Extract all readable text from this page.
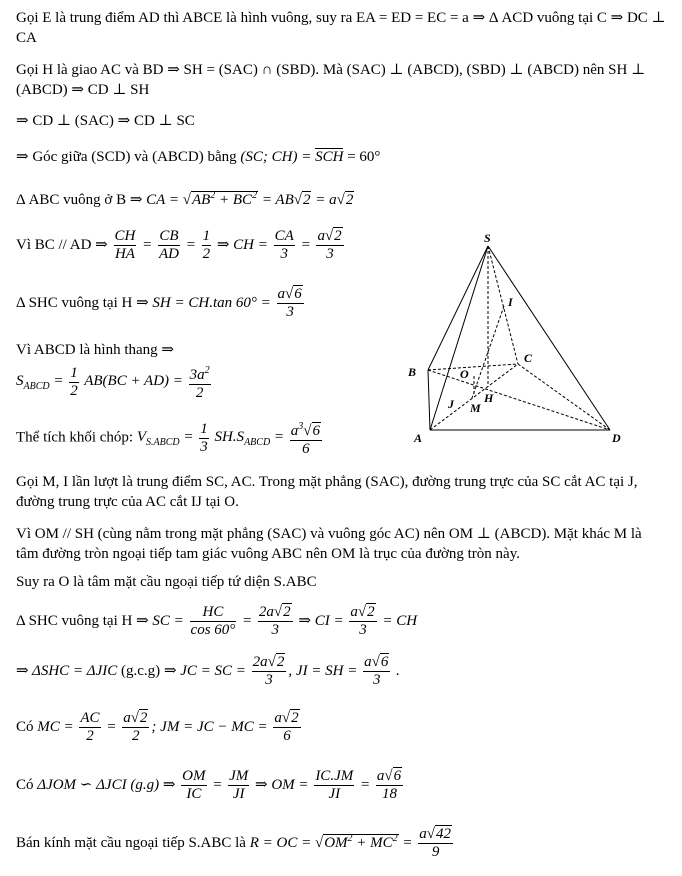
Gọi E là trung điểm AD thì ABCE là hình vuông, suy ra EA = ED = EC = a ⇒ Δ ACD vuông tại C ⇒ DC ⊥ CA
Gọi H là giao AC và BD ⇒ SH = (SAC) ∩ (SBD). Mà (SAC) ⊥ (ABCD), (SBD) ⊥ (ABCD) nên SH ⊥ (ABCD) ⇒ CD ⊥ SH
⇒ CD ⊥ (SAC) ⇒ CD ⊥ SC
⇒ Góc giữa (SCD) và (ABCD) bằng (SC; CH) = SCH = 60°
Δ ABC vuông ở B ⇒ CA = $√AB^2 + BC^2 = AB√2 = a√2$
Vì BC // AD ⇒ $\frac{CH}{HA} = \frac{CB}{AD} = \frac{1}{2}$ ⇒ CH = $\frac{CA}{3} = \frac{a√2}{3}$
Δ SHC vuông tại H ⇒ SH = CH.tan $60^\circ = \frac{a√6}{3}$
Vì ABCD là hình thang ⇒
$S_{ABCD} = \frac{1}{2} AB(BC + AD) = \frac{3a^2}{2}$
Thể tích khối chóp: $V_{S.ABCD} = \frac{1}{3} SH.S_{ABCD} = \frac{a^3√6}{6}$
Gọi M, I lần lượt là trung điểm SC, AC. Trong mặt phẳng (SAC), đường trung trực của SC cắt AC tại J, đường trung trực của AC cắt IJ tại O.
Vì OM // SH (cùng nằm trong mặt phẳng (SAC) và vuông góc AC) nên OM ⊥ (ABCD). Mặt khác M là tâm đường tròn ngoại tiếp tam giác vuông ABC nên OM là trục của đường tròn này.
Suy ra O là tâm mặt cầu ngoại tiếp tứ diện S.ABC
Δ SHC vuông tại H ⇒ SC = $\frac{HC}{\cos 60^\circ} = \frac{2a√2}{3}$ ⇒ CI = $\frac{a√2}{3}$ = CH
⇒ ΔSHC = ΔJIC (g.c.g) ⇒ JC = SC = $\frac{2a√2}{3}$ , JI = SH = $\frac{a√6}{3}$ .
Có MC = $\frac{AC}{2} = \frac{a√2}{2}$ ; JM = JC − MC = $\frac{a√2}{6}$
Có ΔJOM ∽ ΔJCI (g.g) ⇒ $\frac{OM}{IC} = \frac{JM}{JI}$ ⇒ OM = $\frac{IC.JM}{JI} = \frac{a√6}{18}$
Bán kính mặt cầu ngoại tiếp S.ABC là R = OC = $√OM^2 + MC^2 = \frac{a√42}{9}$
S
I
B
C
O
H
J M
A	D
